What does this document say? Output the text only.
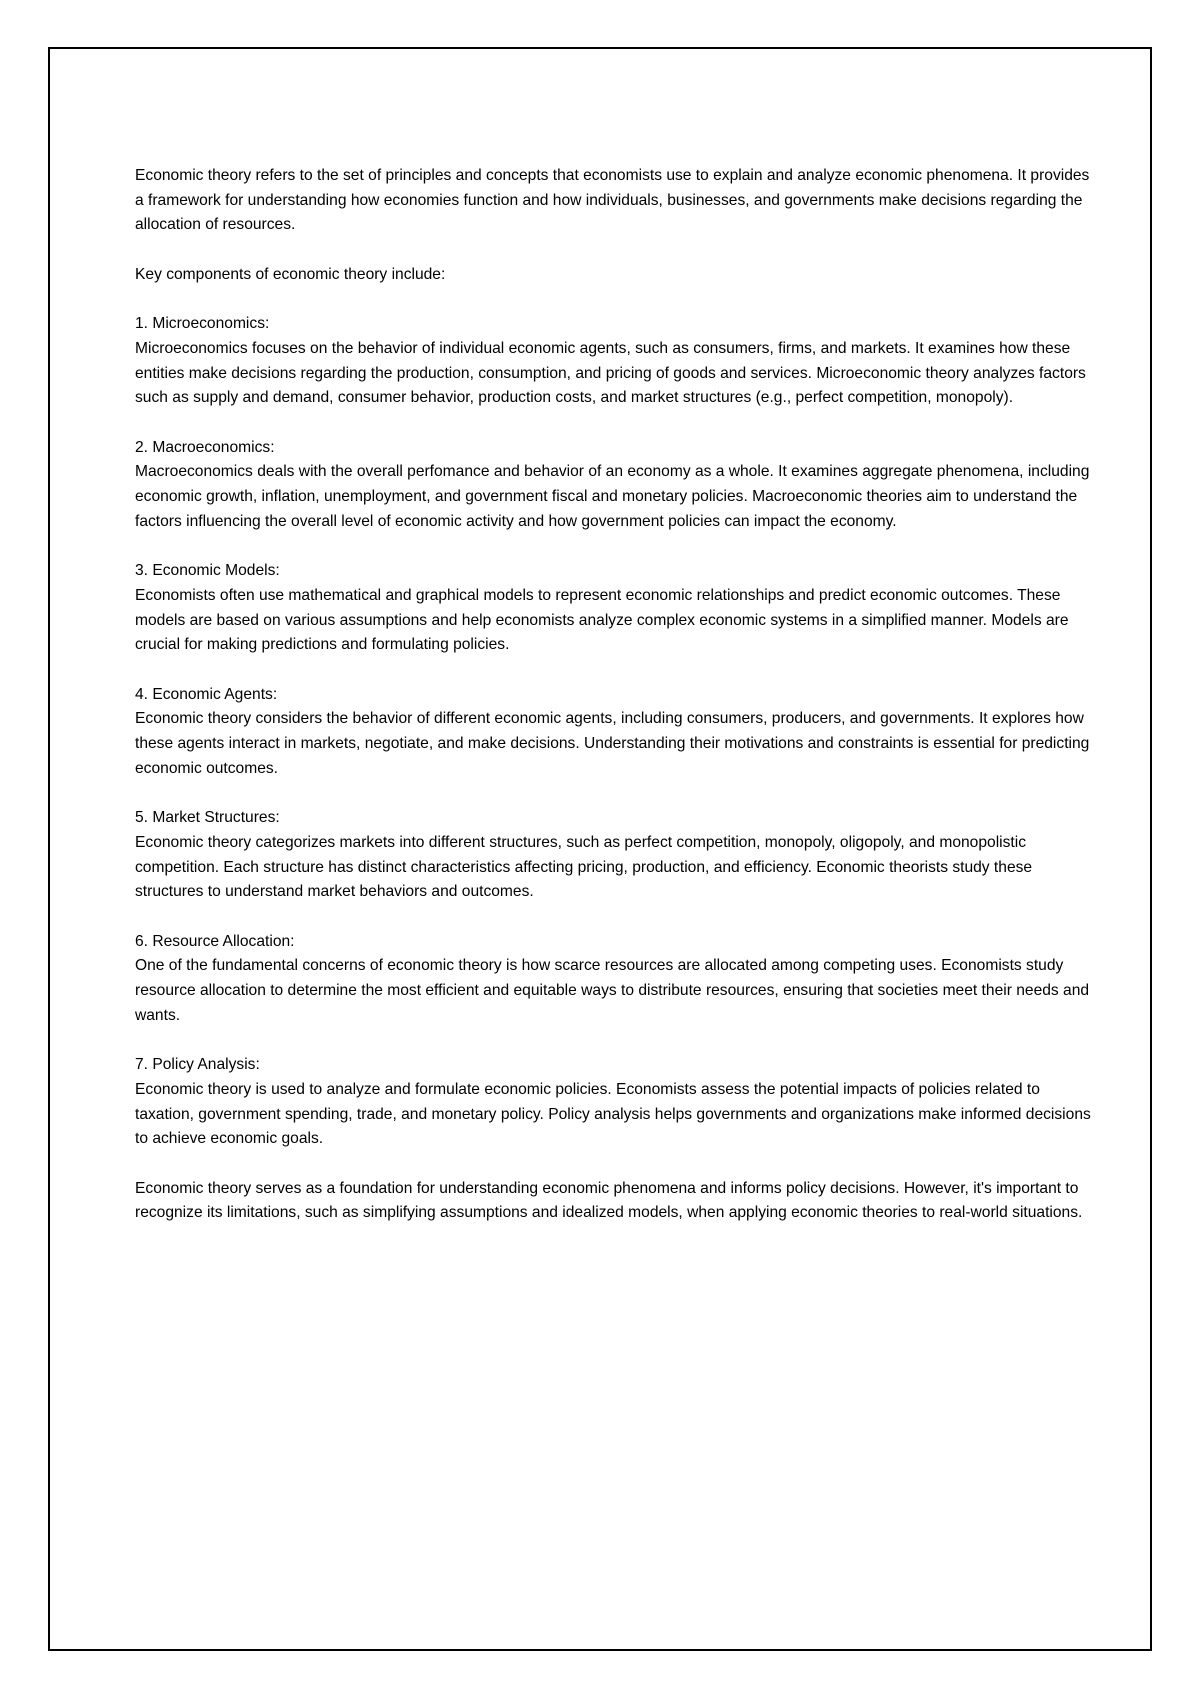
Economic theory refers to the set of principles and concepts that economists use to explain and analyze economic phenomena. It provides a framework for understanding how economies function and how individuals, businesses, and governments make decisions regarding the allocation of resources.

Key components of economic theory include:

1. Microeconomics:

Microeconomics focuses on the behavior of individual economic agents, such as consumers, firms, and markets. It examines how these entities make decisions regarding the production, consumption, and pricing of goods and services. Microeconomic theory analyzes factors such as supply and demand, consumer behavior, production costs, and market structures (e.g., perfect competition, monopoly).

2. Macroeconomics:

Macroeconomics deals with the overall perfomance and behavior of an economy as a whole. It examines aggregate phenomena, including economic growth, inflation, unemployment, and government fiscal and monetary policies. Macroeconomic theories aim to understand the factors influencing the overall level of economic activity and how government policies can impact the economy.

3. Economic Models:

Economists often use mathematical and graphical models to represent economic relationships and predict economic outcomes. These models are based on various assumptions and help economists analyze complex economic systems in a simplified manner. Models are crucial for making predictions and formulating policies.

4. Economic Agents:

Economic theory considers the behavior of different economic agents, including consumers, producers, and governments. It explores how these agents interact in markets, negotiate, and make decisions. Understanding their motivations and constraints is essential for predicting economic outcomes.

5. Market Structures:

Economic theory categorizes markets into different structures, such as perfect competition, monopoly, oligopoly, and monopolistic competition. Each structure has distinct characteristics affecting pricing, production, and efficiency. Economic theorists study these structures to understand market behaviors and outcomes.

6. Resource Allocation:

One of the fundamental concerns of economic theory is how scarce resources are allocated among competing uses. Economists study resource allocation to determine the most efficient and equitable ways to distribute resources, ensuring that societies meet their needs and wants.

7. Policy Analysis:

Economic theory is used to analyze and formulate economic policies. Economists assess the potential impacts of policies related to taxation, government spending, trade, and monetary policy. Policy analysis helps governments and organizations make informed decisions to achieve economic goals.

Economic theory serves as a foundation for understanding economic phenomena and informs policy decisions. However, it's important to recognize its limitations, such as simplifying assumptions and idealized models, when applying economic theories to real-world situations.
